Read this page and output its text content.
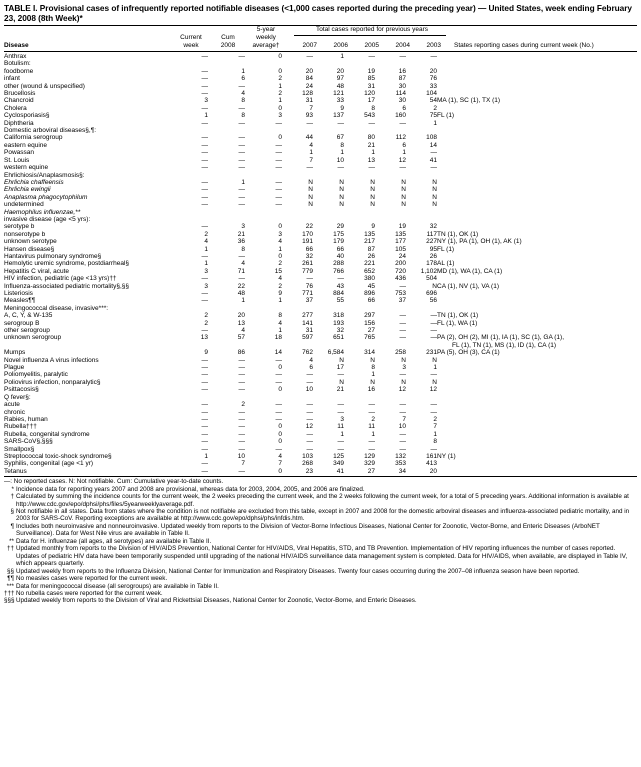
TABLE I. Provisional cases of infrequently reported notifiable diseases (<1,000 cases reported during the preceding year) — United States, week ending February 23, 2008 (8th Week)*
5-year	Total cases reported for previous years
Current	Cum	weekly
Disease	week	2008	average†	2007	2006	2005	2004	2003 States reporting cases during current week (No.)
Anthrax	—	—	0	—	1	—	—	—	
Botulism:									
foodborne	—	1	0	20	20	19	16	20	
infant	—	6	2	84	97	85	87	76	
other (wound & unspecified)	—	—	1	24	48	31	30	33	
Brucellosis	—	4	2	128	121	120	114	104	
Chancroid	3	8	1	31	33	17	30	54	MA (1), SC (1), TX (1)
Cholera	—	—	0	7	9	8	6	2	
Cyclosporiasis§	1	8	3	93	137	543	160	75	FL (1)
Diphtheria	—	—	—	—	—	—	—	1	
Domestic arboviral diseases§,¶:									
California serogroup	—	—	0	44	67	80	112	108	
eastern equine	—	—	—	4	8	21	6	14	
Powassan	—	—	—	1	1	1	1	—	
St. Louis	—	—	—	7	10	13	12	41	
western equine	—	—	—	—	—	—	—	—	
Ehrlichiosis/Anaplasmosis§:									
Ehrlichia chaffeensis	—	1	—	N	N	N	N	N	
Ehrlichia ewingii	—	—	—	N	N	N	N	N	
Anaplasma phagocytophilum	—	—	—	N	N	N	N	N	
undetermined	—	—	—	N	N	N	N	N	
Haemophilus influenzae,**									
invasive disease (age <5 yrs):									
serotype b	—	3	0	22	29	9	19	32	
nonserotype b	2	21	3	170	175	135	135	117	TN (1), OK (1)
unknown serotype	4	36	4	191	179	217	177	227	NY (1), PA (1), OH (1), AK (1)
Hansen disease§	1	8	1	66	66	87	105	95	FL (1)
Hantavirus pulmonary syndrome§	—	—	0	32	40	26	24	26	
Hemolytic uremic syndrome, postdiarrheal§	1	4	2	261	288	221	200	178	AL (1)
Hepatitis C viral, acute	3	71	15	779	766	652	720	1,102	MD (1), WA (1), CA (1)
HIV infection, pediatric (age <13 yrs)††	—	—	4	—	—	380	436	504	
Influenza-associated pediatric mortality§,§§	3	22	2	76	43	45	—	N	CA (1), NV (1), VA (1)
Listeriosis	—	48	9	771	884	896	753	696	
Measles¶¶	—	1	1	37	55	66	37	56	
Meningococcal disease, invasive***:									
A, C, Y, & W-135	2	20	8	277	318	297	—	—	TN (1), OK (1)
serogroup B	2	13	4	141	193	156	—	—	FL (1), WA (1)
other serogroup	—	4	1	31	32	27	—	—	
unknown serogroup	13	57	18	597	651	765	—	—	PA (2), OH (2), MI (1), IA (1), SC (1), GA (1),
									FL (1), TN (1), MS (1), ID (1), CA (1)
Mumps	9	86	14	762	6,584	314	258	231	PA (5), OH (3), CA (1)
Novel influenza A virus infections	—	—	—	4	N	N	N	N	
Plague	—	—	0	6	17	8	3	1	
Poliomyelitis, paralytic	—	—	—	—	—	1	—	—	
Poliovirus infection, nonparalytic§	—	—	—	—	N	N	N	N	
Psittacosis§	—	—	0	10	21	16	12	12	
Q fever§:									
acute	—	2	—	—	—	—	—	—	
chronic	—	—	—	—	—	—	—	—	
Rabies, human	—	—	—	—	3	2	7	2	
Rubella†††	—	—	0	12	11	11	10	7	
Rubella, congenital syndrome	—	—	0	—	1	1	—	1	
SARS-CoV§,§§§	—	—	0	—	—	—	—	8	
Smallpox§	—	—	—	—	—	—	—	—	
Streptococcal toxic-shock syndrome§	1	10	4	103	125	129	132	161	NY (1)
Syphilis, congenital (age <1 yr)	—	7	7	268	349	329	353	413	
Tetanus	—	—	0	23	41	27	34	20	
—: No reported cases. N: Not notifiable. Cum: Cumulative year-to-date counts.
* Incidence data for reporting years 2007 and 2008 are provisional, whereas data for 2003, 2004, 2005, and 2006 are finalized.
† Calculated by summing the incidence counts for the current week, the 2 weeks preceding the current week, and the 2 weeks following the current week, for a total of 5 preceding years. Additional information is available at http://www.cdc.gov/epo/dphsi/phs/files/5yearweeklyaverage.pdf.
§ Not notifiable in all states. Data from states where the condition is not notifiable are excluded from this table, except in 2007 and 2008 for the domestic arboviral diseases and influenza-associated pediatric mortality, and in 2003 for SARS-CoV. Reporting exceptions are available at http://www.cdc.gov/epo/dphsi/phs/infdis.htm.
¶ Includes both neuroinvasive and nonneuroinvasive. Updated weekly from reports to the Division of Vector-Borne Infectious Diseases, National Center for Zoonotic, Vector-Borne, and Enteric Diseases (ArboNET Surveillance). Data for West Nile virus are available in Table II.
** Data for H. influenzae (all ages, all serotypes) are available in Table II.
†† Updated monthly from reports to the Division of HIV/AIDS Prevention, National Center for HIV/AIDS, Viral Hepatitis, STD, and TB Prevention. Implementation of HIV reporting influences the number of cases reported. Updates of pediatric HIV data have been temporarily suspended until upgrading of the national HIV/AIDS surveillance data management system is completed. Data for HIV/AIDS, when available, are displayed in Table IV, which appears quarterly.
§§ Updated weekly from reports to the Influenza Division, National Center for Immunization and Respiratory Diseases. Twenty four cases occurring during the 2007–08 influenza season have been reported.
¶¶ No measles cases were reported for the current week.
*** Data for meningococcal disease (all serogroups) are available in Table II.
††† No rubella cases were reported for the current week.
§§§ Updated weekly from reports to the Division of Viral and Rickettsial Diseases, National Center for Zoonotic, Vector-Borne, and Enteric Diseases.
